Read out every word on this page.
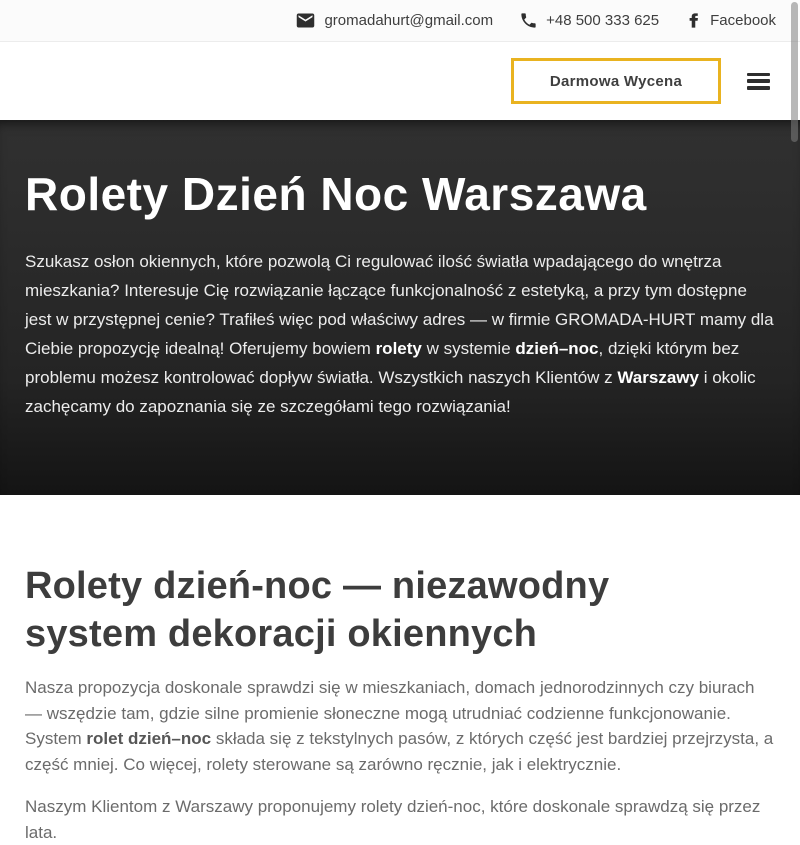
gromadahurt@gmail.com	+48 500 333 625	Facebook
Darmowa Wycena
Rolety Dzień Noc Warszawa

Szukasz osłon okiennych, które pozwolą Ci regulować ilość światła wpadającego do wnętrza mieszkania? Interesuje Cię rozwiązanie łączące funkcjonalność z estetyką, a przy tym dostępne jest w przystępnej cenie? Trafiłeś więc pod właściwy adres — w firmie GROMADA-HURT mamy dla Ciebie propozycję idealną! Oferujemy bowiem rolety w systemie dzień–noc, dzięki którym bez problemu możesz kontrolować dopływ światła. Wszystkich naszych Klientów z Warszawy i okolic zachęcamy do zapoznania się ze szczegółami tego rozwiązania!

Rolety dzień-noc — niezawodny system dekoracji okiennych

Nasza propozycja doskonale sprawdzi się w mieszkaniach, domach jednorodzinnych czy biurach — wszędzie tam, gdzie silne promienie słoneczne mogą utrudniać codzienne funkcjonowanie.
System rolet dzień–noc składa się z tekstylnych pasów, z których część jest bardziej przejrzysta, a część mniej. Co więcej, rolety sterowane są zarówno ręcznie, jak i elektrycznie.

Naszym Klientom z Warszawy proponujemy rolety dzień-noc, które doskonale sprawdzą się przez lata.
